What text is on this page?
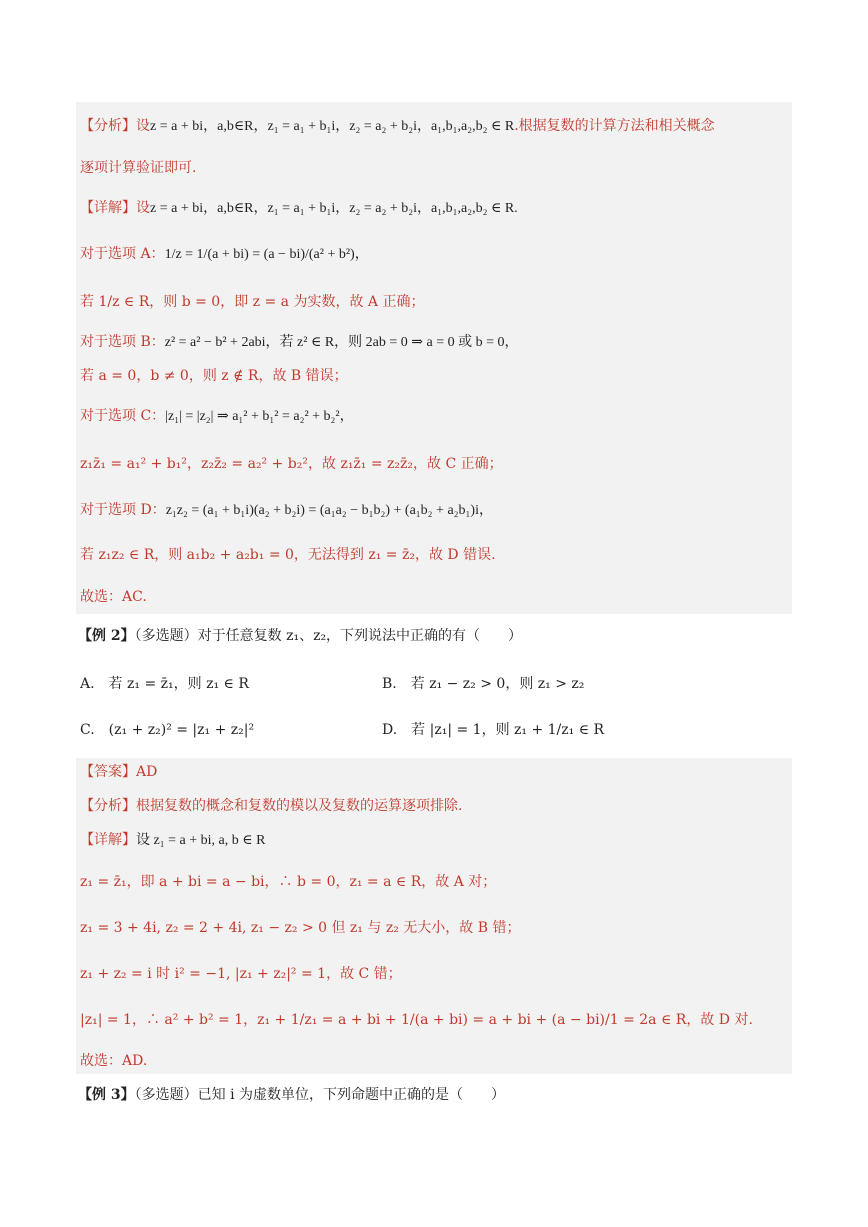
【分析】设z = a + bi，a,b∈R，z₁ = a₁ + b₁i，z₂ = a₂ + b₂i，a₁,b₁,a₂,b₂ ∈ R.根据复数的计算方法和相关概念
逐项计算验证即可.
【详解】设z = a + bi，a,b∈R，z₁ = a₁ + b₁i，z₂ = a₂ + b₂i，a₁,b₁,a₂,b₂ ∈ R.
对于选项 A：1/z = 1/(a + bi) = (a − bi)/(a² + b²)，
若 1/z ∈ R，则 b = 0，即 z = a 为实数，故 A 正确；
对于选项 B：z² = a² − b² + 2abi，若 z² ∈ R，则 2ab = 0 ⇒ a = 0 或 b = 0，
若 a = 0，b ≠ 0，则 z ∉ R，故 B 错误；
对于选项 C：|z₁| = |z₂| ⇒ a₁² + b₁² = a₂² + b₂²，
z₁z̄₁ = a₁² + b₁²，z₂z̄₂ = a₂² + b₂²，故 z₁z̄₁ = z₂z̄₂，故 C 正确；
对于选项 D：z₁z₂ = (a₁ + b₁i)(a₂ + b₂i) = (a₁a₂ − b₁b₂) + (a₁b₂ + a₂b₁)i，
若 z₁z₂ ∈ R，则 a₁b₂ + a₂b₁ = 0，无法得到 z₁ = z̄₂，故 D 错误.
故选：AC.
【例 2】（多选题）对于任意复数 z₁、z₂，下列说法中正确的有（　　）
A.　若 z₁ = z̄₁，则 z₁ ∈ R	B.　若 z₁ − z₂ > 0，则 z₁ > z₂
C.　(z₁ + z₂)² = |z₁ + z₂|²	D.　若 |z₁| = 1，则 z₁ + 1/z₁ ∈ R
【答案】AD
【分析】根据复数的概念和复数的模以及复数的运算逐项排除.
【详解】设 z₁ = a + bi, a, b ∈ R
z₁ = z̄₁，即 a + bi = a − bi，∴ b = 0，z₁ = a ∈ R，故 A 对；
z₁ = 3 + 4i, z₂ = 2 + 4i, z₁ − z₂ > 0 但 z₁ 与 z₂ 无大小，故 B 错；
z₁ + z₂ = i 时 i² = −1, |z₁ + z₂|² = 1，故 C 错；
|z₁| = 1，∴ a² + b² = 1，z₁ + 1/z₁ = a + bi + 1/(a + bi) = a + bi + (a − bi)/1 = 2a ∈ R，故 D 对.
故选：AD.
【例 3】（多选题）已知 i 为虚数单位，下列命题中正确的是（　　）
